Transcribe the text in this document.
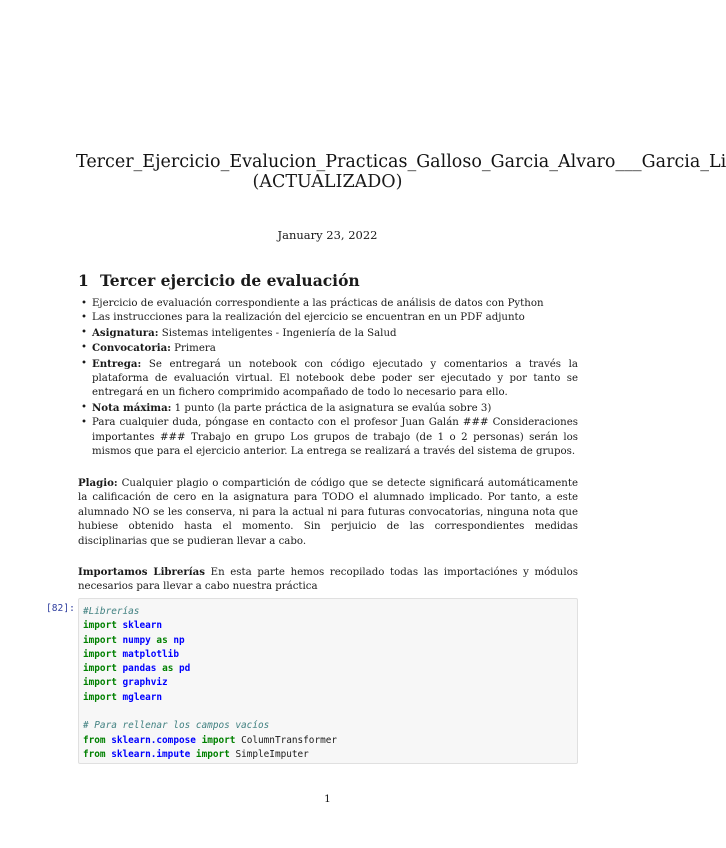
Tercer_Ejercicio_Evalucion_Practicas_Galloso_Garcia_Alvaro___Garcia_Li
(ACTUALIZADO)
January 23, 2022
1 Tercer ejercicio de evaluación
• Ejercicio de evaluación correspondiente a las prácticas de análisis de datos con Python
• Las instrucciones para la realización del ejercicio se encuentran en un PDF adjunto
• Asignatura: Sistemas inteligentes - Ingeniería de la Salud
• Convocatoria: Primera
• Entrega: Se entregará un notebook con código ejecutado y comentarios a través la plataforma de evaluación virtual. El notebook debe poder ser ejecutado y por tanto se entregará en un fichero comprimido acompañado de todo lo necesario para ello.
• Nota máxima: 1 punto (la parte práctica de la asignatura se evalúa sobre 3)
• Para cualquier duda, póngase en contacto con el profesor Juan Galán ### Consideraciones importantes ### Trabajo en grupo Los grupos de trabajo (de 1 o 2 personas) serán los mismos que para el ejercicio anterior. La entrega se realizará a través del sistema de grupos.

Plagio: Cualquier plagio o compartición de código que se detecte significará automáticamente la calificación de cero en la asignatura para TODO el alumnado implicado. Por tanto, a este alumnado NO se les conserva, ni para la actual ni para futuras convocatorias, ninguna nota que hubiese obtenido hasta el momento. Sin perjuicio de las correspondientes medidas disciplinarias que se pudieran llevar a cabo.

Importamos Librerías En esta parte hemos recopilado todas las importaciónes y módulos necesarios para llevar a cabo nuestra práctica

[82]: #Librerías
import sklearn
import numpy as np
import matplotlib
import pandas as pd
import graphviz
import mglearn
# Para rellenar los campos vacíos
from sklearn.compose import ColumnTransformer
from sklearn.impute import SimpleImputer
1
